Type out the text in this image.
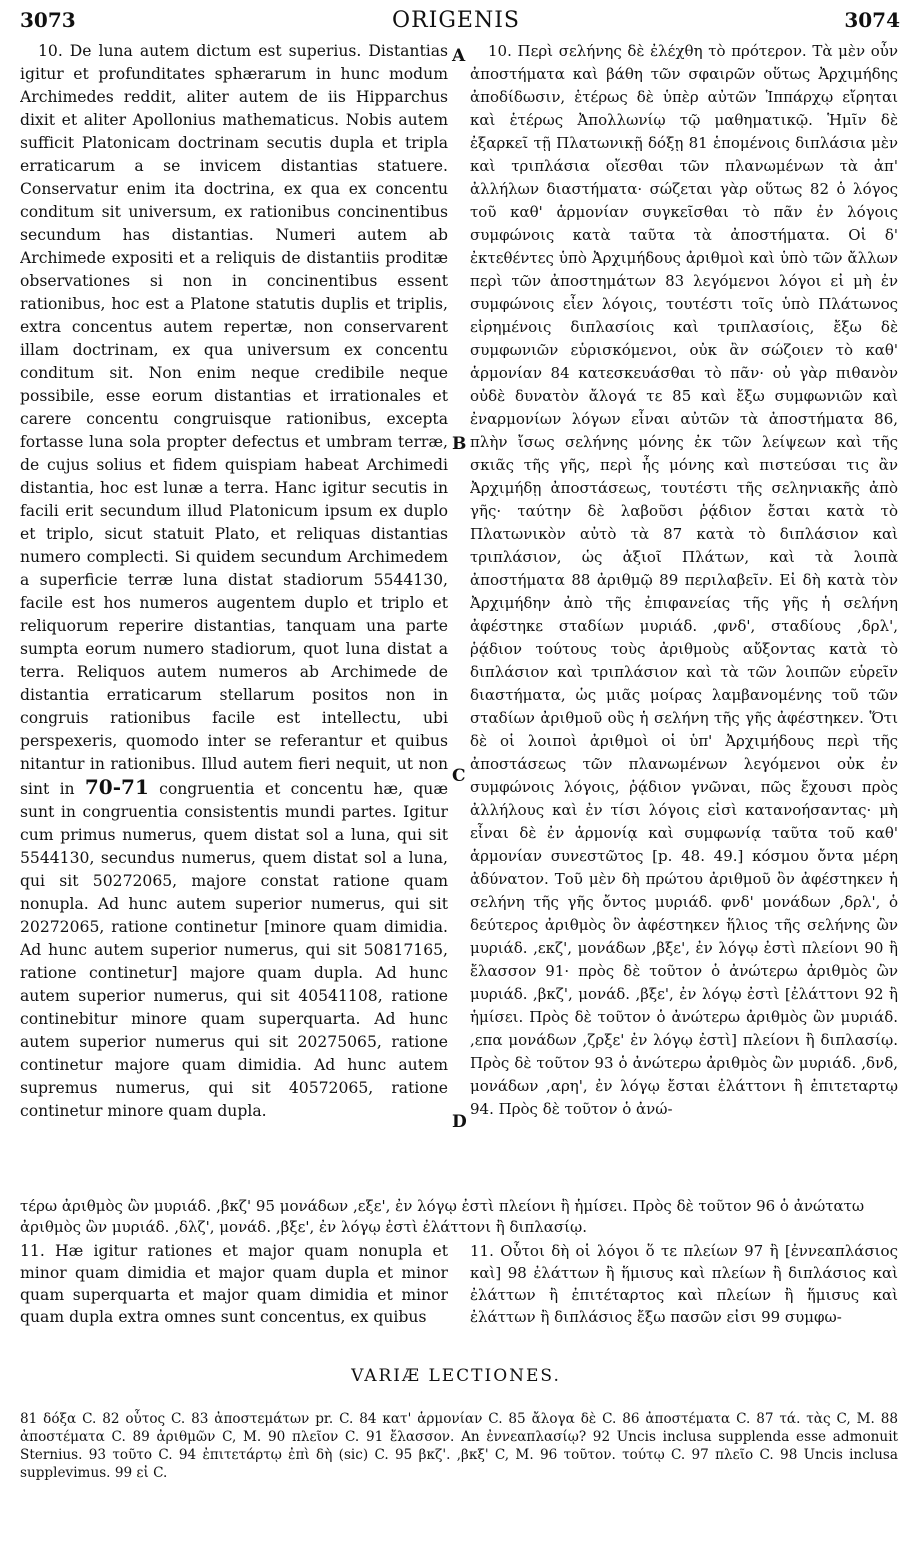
3073	ORIGENIS	3074
A
B
C
D

10. De luna autem dictum est superius. Distantias igitur et profunditates sphærarum in hunc modum Archimedes reddit, aliter autem de iis Hipparchus dixit et aliter Apollonius mathematicus. Nobis autem sufficit Platonicam doctrinam secutis dupla et tripla erraticarum a se invicem distantias statuere. Conservatur enim ita doctrina, ex qua ex concentu conditum sit universum, ex rationibus concinentibus secundum has distantias. Numeri autem ab Archimede expositi et a reliquis de distantiis proditæ observationes si non in concinentibus essent rationibus, hoc est a Platone statutis duplis et triplis, extra concentus autem repertæ, non conservarent illam doctrinam, ex qua universum ex concentu conditum sit. Non enim neque credibile neque possibile, esse eorum distantias et irrationales et carere concentu congruisque rationibus, excepta fortasse luna sola propter defectus et umbram terræ, de cujus solius et fidem quispiam habeat Archimedi distantia, hoc est lunæ a terra. Hanc igitur secutis in facili erit secundum illud Platonicum ipsum ex duplo et triplo, sicut statuit Plato, et reliquas distantias numero complecti. Si quidem secundum Archimedem a superficie terræ luna distat stadiorum 5544130, facile est hos numeros augentem duplo et triplo et reliquorum reperire distantias, tanquam una parte sumpta eorum numero stadiorum, quot luna distat a terra. Reliquos autem numeros ab Archimede de distantia erraticarum stellarum positos non in congruis rationibus facile est intellectu, ubi perspexeris, quomodo inter se referantur et quibus nitantur in rationibus. Illud autem fieri nequit, ut non sint in 70-71 congruentia et concentu hæ, quæ sunt in congruentia consistentis mundi partes. Igitur cum primus numerus, quem distat sol a luna, qui sit 5544130, secundus numerus, quem distat sol a luna, qui sit 50272065, majore constat ratione quam nonupla. Ad hunc autem superior numerus, qui sit 20272065, ratione continetur [minore quam dimidia. Ad hunc autem superior numerus, qui sit 50817165, ratione continetur] majore quam dupla. Ad hunc autem superior numerus, qui sit 40541108, ratione continebitur minore quam superquarta. Ad hunc autem superior numerus qui sit 20275065, ratione continetur majore quam dimidia. Ad hunc autem supremus numerus, qui sit 40572065, ratione continetur minore quam dupla.

10. Περὶ σελήνης δὲ ἐλέχθη τὸ πρότερον. Τὰ μὲν οὖν ἀποστήματα καὶ βάθη τῶν σφαιρῶν οὕτως Ἀρχιμήδης ἀποδίδωσιν, ἑτέρως δὲ ὑπὲρ αὐτῶν Ἱππάρχῳ εἴρηται καὶ ἑτέρως Ἀπολλωνίῳ τῷ μαθηματικῷ. Ἡμῖν δὲ ἐξαρκεῖ τῇ Πλατωνικῇ δόξῃ 81 ἑπομένοις διπλάσια μὲν καὶ τριπλάσια οἴεσθαι τῶν πλανωμένων τὰ ἀπ' ἀλλήλων διαστήματα· σώζεται γὰρ οὕτως 82 ὁ λόγος τοῦ καθ' ἁρμονίαν συγκεῖσθαι τὸ πᾶν ἐν λόγοις συμφώνοις κατὰ ταῦτα τὰ ἀποστήματα. Οἱ δ' ἐκτεθέντες ὑπὸ Ἀρχιμήδους ἀριθμοὶ καὶ ὑπὸ τῶν ἄλλων περὶ τῶν ἀποστημάτων 83 λεγόμενοι λόγοι εἰ μὴ ἐν συμφώνοις εἶεν λόγοις, τουτέστι τοῖς ὑπὸ Πλάτωνος εἰρημένοις διπλασίοις καὶ τριπλασίοις, ἔξω δὲ συμφωνιῶν εὑρισκόμενοι, οὐκ ἂν σώζοιεν τὸ καθ' ἁρμονίαν 84 κατεσκευάσθαι τὸ πᾶν· οὐ γὰρ πιθανὸν οὐδὲ δυνατὸν ἄλογά τε 85 καὶ ἔξω συμφωνιῶν καὶ ἐναρμονίων λόγων εἶναι αὐτῶν τὰ ἀποστήματα 86, πλὴν ἴσως σελήνης μόνης ἐκ τῶν λείψεων καὶ τῆς σκιᾶς τῆς γῆς, περὶ ἧς μόνης καὶ πιστεύσαι τις ἂν Ἀρχιμήδῃ ἀποστάσεως, τουτέστι τῆς σεληνιακῆς ἀπὸ γῆς· ταύτην δὲ λαβοῦσι ῥᾴδιον ἔσται κατὰ τὸ Πλατωνικὸν αὐτὸ τὰ 87 κατὰ τὸ διπλάσιον καὶ τριπλάσιον, ὡς ἀξιοῖ Πλάτων, καὶ τὰ λοιπὰ ἀποστήματα 88 ἀριθμῷ 89 περιλαβεῖν. Εἰ δὴ κατὰ τὸν Ἀρχιμήδην ἀπὸ τῆς ἐπιφανείας τῆς γῆς ἡ σελήνη ἀφέστηκε σταδίων μυριάδ. ,φνδ', σταδίους ,δρλ', ῥᾴδιον τούτους τοὺς ἀριθμοὺς αὔξοντας κατὰ τὸ διπλάσιον καὶ τριπλάσιον καὶ τὰ τῶν λοιπῶν εὑρεῖν διαστήματα, ὡς μιᾶς μοίρας λαμβανομένης τοῦ τῶν σταδίων ἀριθμοῦ οὓς ἡ σελήνη τῆς γῆς ἀφέστηκεν. Ὅτι δὲ οἱ λοιποὶ ἀριθμοὶ οἱ ὑπ' Ἀρχιμήδους περὶ τῆς ἀποστάσεως τῶν πλανωμένων λεγόμενοι οὐκ ἐν συμφώνοις λόγοις, ῥᾴδιον γνῶναι, πῶς ἔχουσι πρὸς ἀλλήλους καὶ ἐν τίσι λόγοις εἰσὶ κατανοήσαντας· μὴ εἶναι δὲ ἐν ἁρμονίᾳ καὶ συμφωνίᾳ ταῦτα τοῦ καθ' ἁρμονίαν συνεστῶτος [p. 48. 49.] κόσμου ὄντα μέρη ἀδύνατον. Τοῦ μὲν δὴ πρώτου ἀριθμοῦ ὃν ἀφέστηκεν ἡ σελήνη τῆς γῆς ὄντος μυριάδ. φνδ' μονάδων ,δρλ', ὁ δεύτερος ἀριθμὸς ὃν ἀφέστηκεν ἥλιος τῆς σελήνης ὢν μυριάδ. ,εκζ', μονάδων ,βξε', ἐν λόγῳ ἐστὶ πλείονι 90 ἢ ἔλασσον 91· πρὸς δὲ τοῦτον ὁ ἀνώτερω ἀριθμὸς ὢν μυριάδ. ,βκζ', μονάδ. ,βξε', ἐν λόγῳ ἐστὶ [ἐλάττονι 92 ἢ ἡμίσει. Πρὸς δὲ τοῦτον ὁ ἀνώτερω ἀριθμὸς ὢν μυριάδ. ,επα μονάδων ,ζρξε' ἐν λόγῳ ἐστὶ] πλείονι ἢ διπλασίῳ. Πρὸς δὲ τοῦτον 93 ὁ ἀνώτερω ἀριθμὸς ὢν μυριάδ. ,δνδ, μονάδων ,αρη', ἐν λόγῳ ἔσται ἐλάττονι ἢ ἐπιτεταρτῳ 94. Πρὸς δὲ τοῦτον ὁ ἀνώ-

τέρω ἀριθμὸς ὢν μυριάδ. ,βκζ' 95 μονάδων ,εξε', ἐν λόγῳ ἐστὶ πλείονι ἢ ἡμίσει. Πρὸς δὲ τοῦτον 96 ὁ ἀνώτατω ἀριθμὸς ὢν μυριάδ. ,δλζ', μονάδ. ,βξε', ἐν λόγῳ ἐστὶ ἐλάττονι ἢ διπλασίῳ.
11. Hæ igitur rationes et major quam nonupla et minor quam dimidia et major quam dupla et minor quam superquarta et major quam dimidia et minor quam dupla extra omnes sunt concentus, ex quibus
11. Οὗτοι δὴ οἱ λόγοι ὅ τε πλείων 97 ἢ [ἐννεαπλάσιος καὶ] 98 ἐλάττων ἢ ἥμισυς καὶ πλείων ἢ διπλάσιος καὶ ἐλάττων ἢ ἐπιτέταρτος καὶ πλείων ἢ ἥμισυς καὶ ἐλάττων ἢ διπλάσιος ἔξω πασῶν εἰσι 99 συμφω-
VARIÆ LECTIONES.

81 δόξα C. 82 οὗτος C. 83 ἀποστεμάτων pr. C. 84 κατ' ἁρμονίαν C. 85 ἄλογα δὲ C. 86 ἀποστέματα C. 87 τά. τὰς C, M. 88 ἀποστέματα C. 89 ἀριθμῶν C, M. 90 πλεῖον C. 91 ἔλασσον. An ἐννεαπλασίῳ? 92 Uncis inclusa supplenda esse admonuit Sternius. 93 τοῦτο C. 94 ἐπιτετάρτῳ ἐπὶ δὴ (sic) C. 95 βκζ'. ,βκξ' C, M. 96 τοῦτον. τούτῳ C. 97 πλεῖο C. 98 Uncis inclusa supplevimus. 99 εἰ C.
